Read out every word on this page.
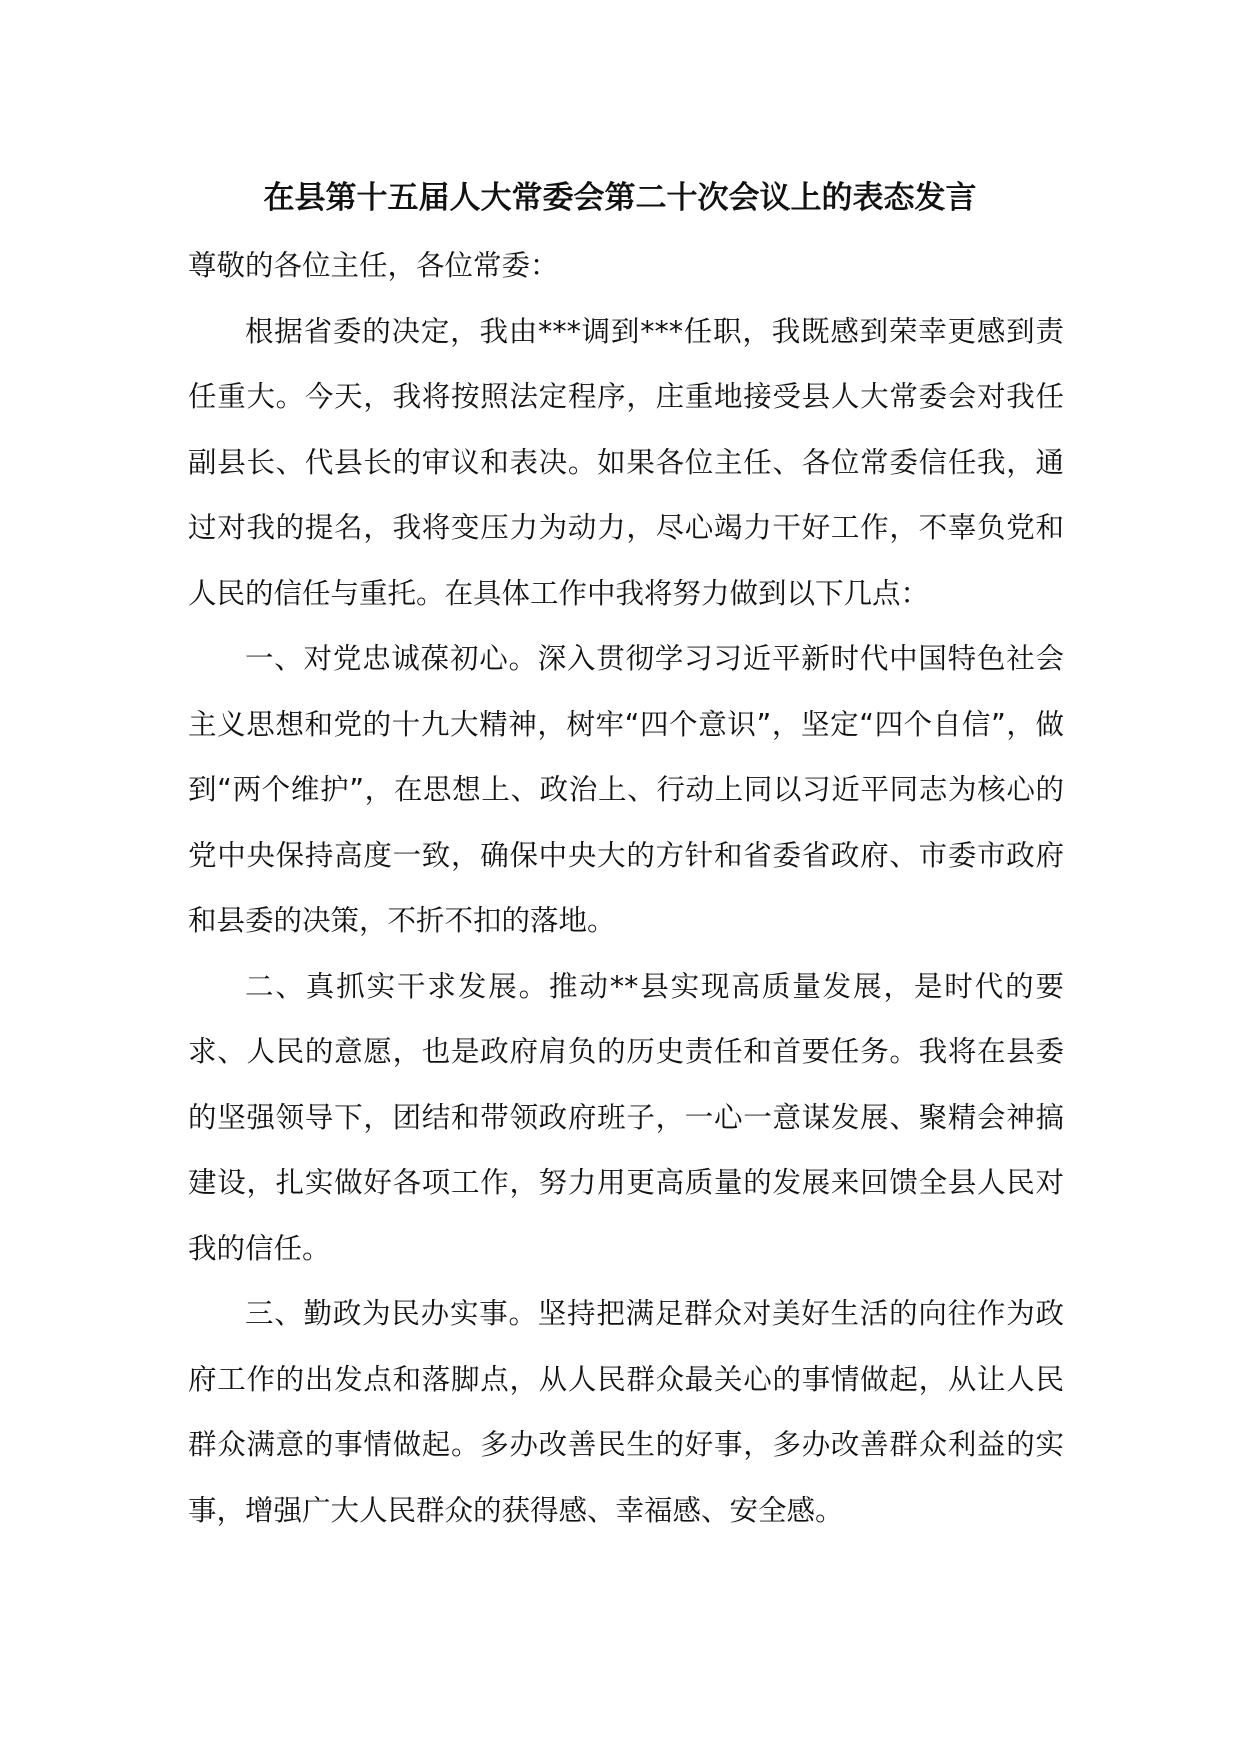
在县第十五届人大常委会第二十次会议上的表态发言

尊敬的各位主任，各位常委：

根据省委的决定，我由***调到***任职，我既感到荣幸更感到责任重大。今天，我将按照法定程序，庄重地接受县人大常委会对我任副县长、代县长的审议和表决。如果各位主任、各位常委信任我，通过对我的提名，我将变压力为动力，尽心竭力干好工作，不辜负党和人民的信任与重托。在具体工作中我将努力做到以下几点：

一、对党忠诚葆初心。深入贯彻学习习近平新时代中国特色社会主义思想和党的十九大精神，树牢“四个意识”，坚定“四个自信”，做到“两个维护”，在思想上、政治上、行动上同以习近平同志为核心的党中央保持高度一致，确保中央大的方针和省委省政府、市委市政府和县委的决策，不折不扣的落地。

二、真抓实干求发展。推动**县实现高质量发展，是时代的要求、人民的意愿，也是政府肩负的历史责任和首要任务。我将在县委的坚强领导下，团结和带领政府班子，一心一意谋发展、聚精会神搞建设，扎实做好各项工作，努力用更高质量的发展来回馈全县人民对我的信任。

三、勤政为民办实事。坚持把满足群众对美好生活的向往作为政府工作的出发点和落脚点，从人民群众最关心的事情做起，从让人民群众满意的事情做起。多办改善民生的好事，多办改善群众利益的实事，增强广大人民群众的获得感、幸福感、安全感。
